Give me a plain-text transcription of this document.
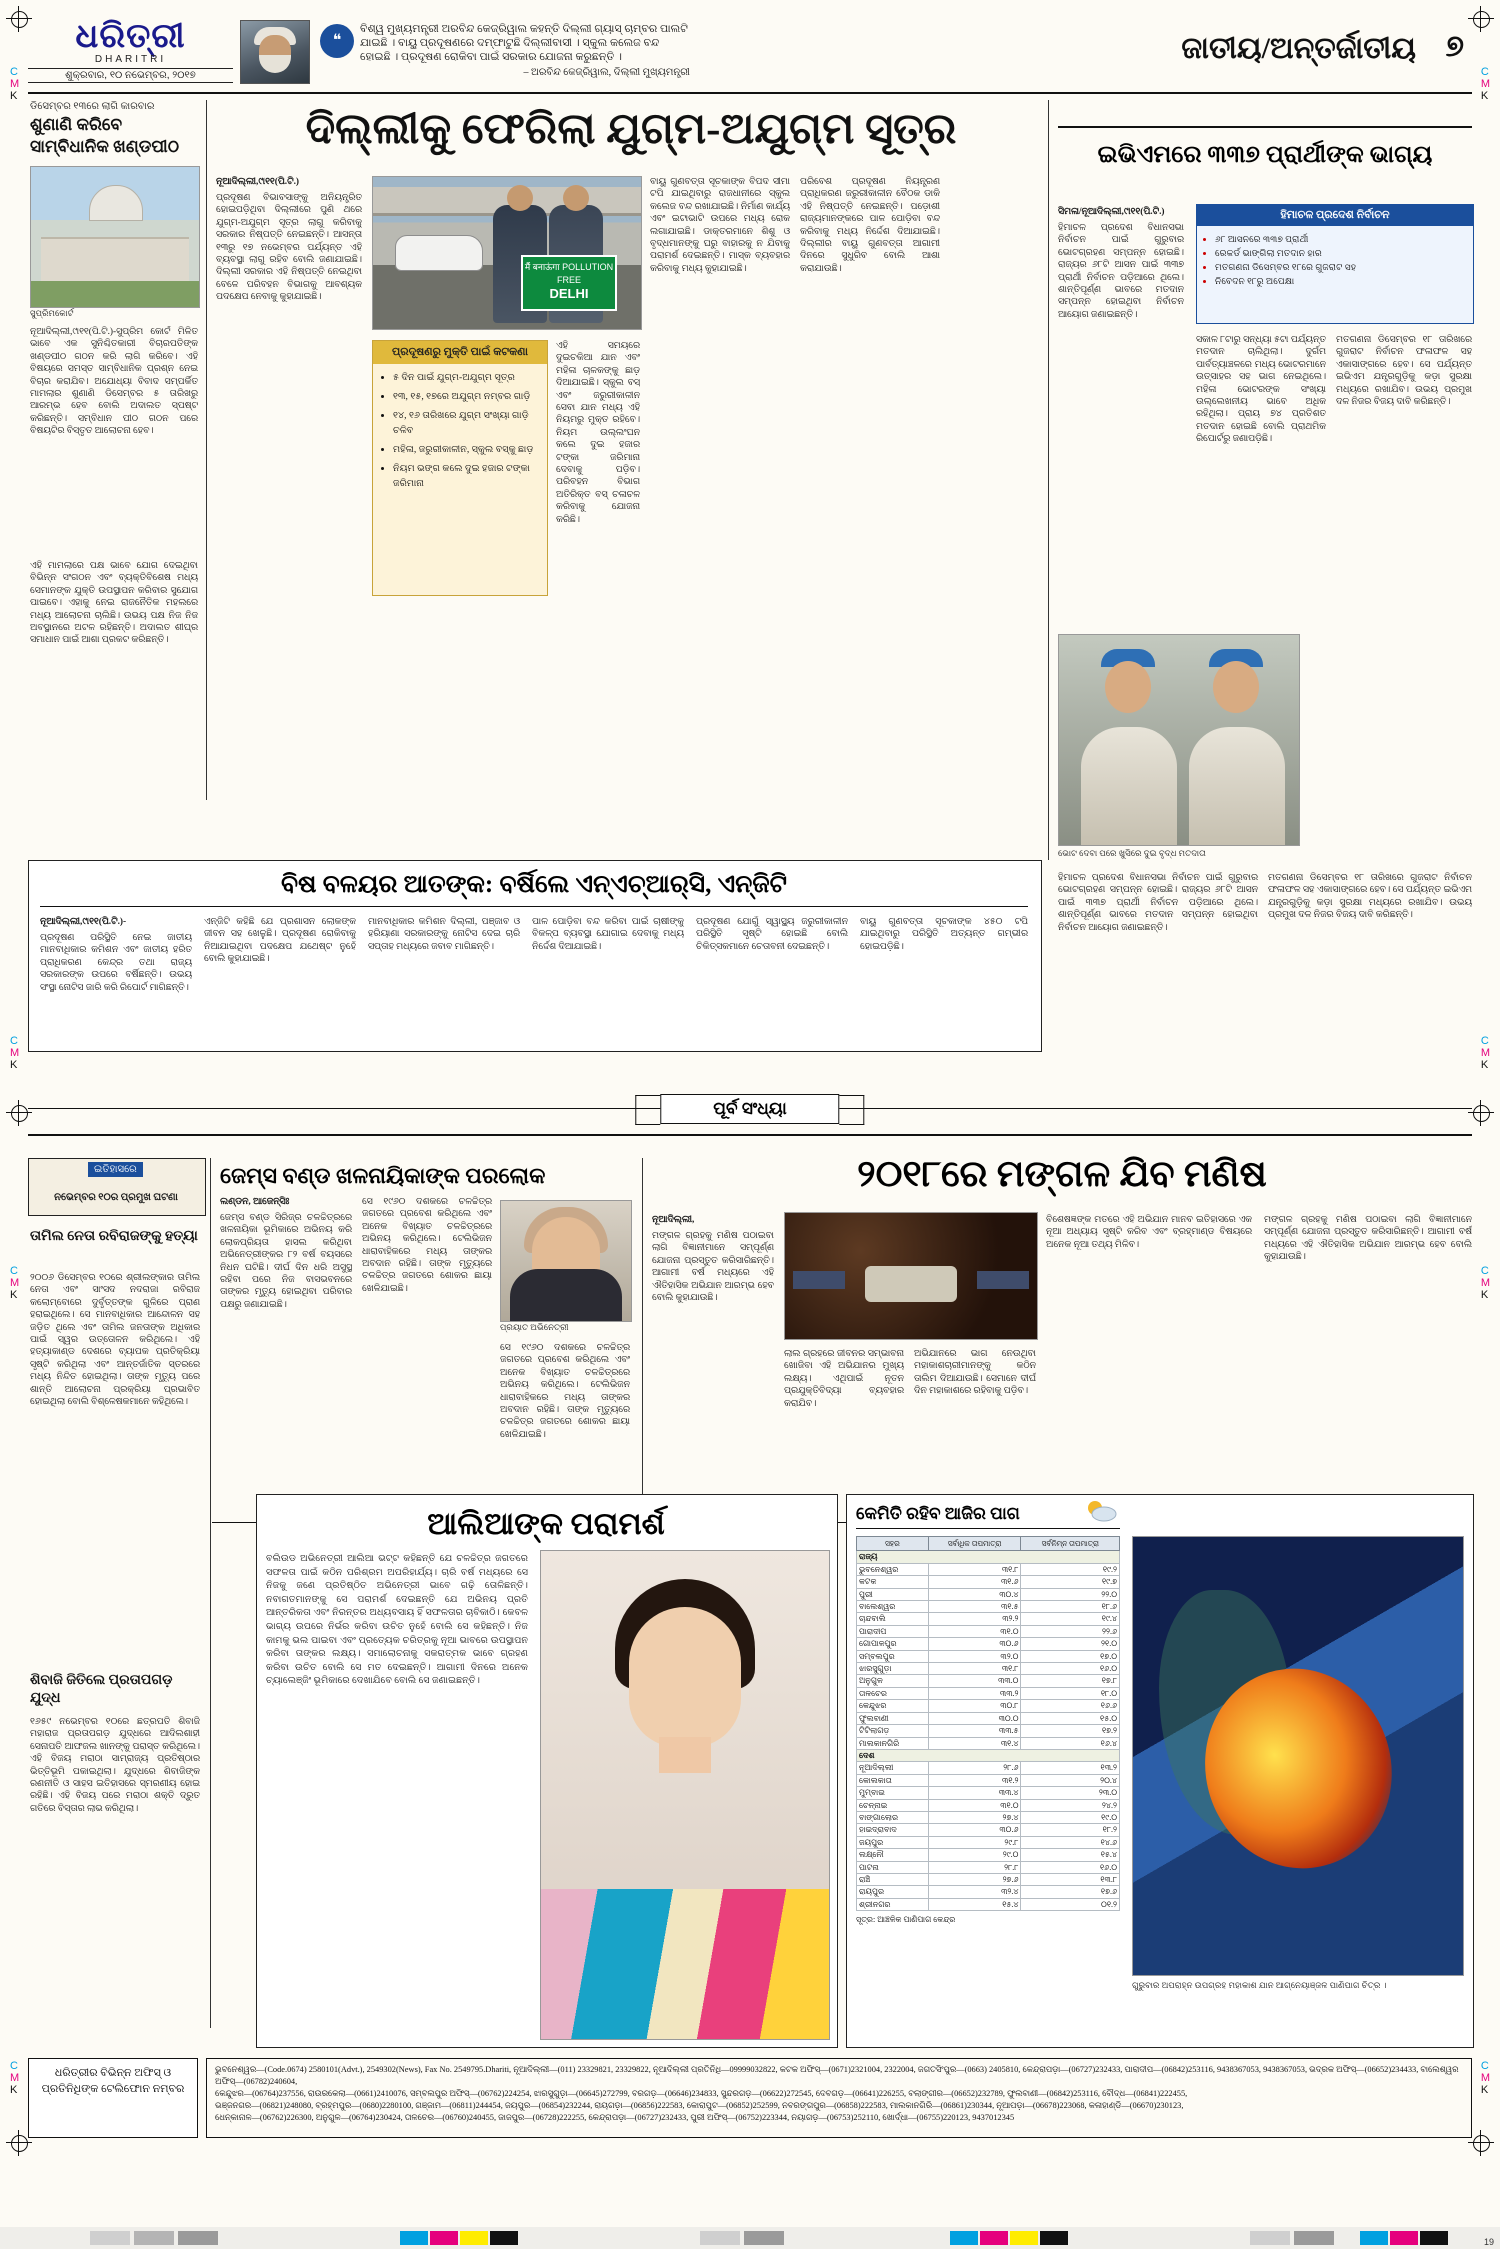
C
M
K
C
M
K
C
M
K
C
M
K
C
M
K
C
M
K
C
M
K
C
M
K
ଧରିତ୍ରୀ
DHARITRI
ଶୁକ୍ରବାର, ୧୦ ନଭେମ୍ବର, ୨୦୧୭
❝
ବିଶ୍ୱ ମୁଖ୍ୟମନ୍ତ୍ରୀ ଅରବିନ୍ଦ କେଜ୍ରିୱାଲ କହନ୍ତି ଦିଲ୍ଲୀ ଗ୍ୟାସ୍ ଚାମ୍ବର ପାଲଟି ଯାଇଛି । ବାୟୁ ପ୍ରଦୂଷଣରେ ଦମ୍ଫାଟୁଛି ଦିଲ୍ଲୀବାସୀ । ସ୍କୁଲ କଲେଜ ବନ୍ଦ ହୋଇଛି । ପ୍ରଦୂଷଣ ରୋକିବା ପାଇଁ ସରକାର ଯୋଜନା କରୁଛନ୍ତି ।
– ଅରବିନ୍ଦ କେଜ୍ରିୱାଲ, ଦିଲ୍ଲୀ ମୁଖ୍ୟମନ୍ତ୍ରୀ
ଜାତୀୟ/ଅନ୍ତର୍ଜାତୀୟ ୭
ଡିସେମ୍ବର ୧୩ରେ ଲାଗି କାରବାର
ଶୁଣାଣି କରିବେ ସାମ୍ବିଧାନିକ ଖଣ୍ଡପୀଠ
ସୁପ୍ରିମକୋର୍ଟ
ନୂଆଦିଲ୍ଲୀ,୯ା୧୧(ପି.ଟି.)-ସୁପ୍ରିମ କୋର୍ଟ ମିଳିତ ଭାବେ ଏକ ସୁନିଶ୍ଚିତକାରୀ ବିଚାରପତିଙ୍କ ଖଣ୍ଡପୀଠ ଗଠନ କରି ଲାଗି କରିବେ। ଏହି ବିଷୟରେ ସମସ୍ତ ସାମ୍ବିଧାନିକ ପ୍ରଶ୍ନ ନେଇ ବିଚାର କରାଯିବ। ଅଯୋଧ୍ୟା ବିବାଦ ସମ୍ପର୍କିତ ମାମଲାର ଶୁଣାଣି ଡିସେମ୍ବର ୫ ତାରିଖରୁ ଆରମ୍ଭ ହେବ ବୋଲି ଅଦାଲତ ସ୍ପଷ୍ଟ କରିଛନ୍ତି। ସମ୍ବିଧାନ ପୀଠ ଗଠନ ପରେ ବିଷୟଟିର ବିସ୍ତୃତ ଆଲୋଚନା ହେବ।
ଏହି ମାମଲାରେ ପକ୍ଷ ଭାବେ ଯୋଗ ଦେଇଥିବା ବିଭିନ୍ନ ସଂଗଠନ ଏବଂ ବ୍ୟକ୍ତିବିଶେଷ ମଧ୍ୟ ସେମାନଙ୍କ ଯୁକ୍ତି ଉପସ୍ଥାପନ କରିବାର ସୁଯୋଗ ପାଇବେ। ଏହାକୁ ନେଇ ରାଜନୈତିକ ମହଲରେ ମଧ୍ୟ ଆଲୋଚନା ଚାଲିଛି। ଉଭୟ ପକ୍ଷ ନିଜ ନିଜ ଅବସ୍ଥାନରେ ଅଟଳ ରହିଛନ୍ତି। ଅଦାଲତ ଶୀଘ୍ର ସମାଧାନ ପାଇଁ ଆଶା ପ୍ରକଟ କରିଛନ୍ତି।
ଦିଲ୍ଲୀକୁ ଫେରିଲା ଯୁଗ୍ମ-ଅଯୁଗ୍ମ ସୂତ୍ର
ନୂଆଦିଲ୍ଲୀ,୯ା୧୧(ପି.ଟି.)
ପ୍ରଦୂଷଣ ବିଭାବସାଙ୍କୁ ଅନିୟନ୍ତ୍ରିତ ହୋଇପଡ଼ିଥିବା ଦିଲ୍ଲୀରେ ପୁଣି ଥରେ ଯୁଗ୍ମ-ଅଯୁଗ୍ମ ସୂତ୍ର ଲାଗୁ କରିବାକୁ ସରକାର ନିଷ୍ପତ୍ତି ନେଇଛନ୍ତି। ଆସନ୍ତା ୧୩ରୁ ୧୭ ନଭେମ୍ବର ପର୍ଯ୍ୟନ୍ତ ଏହି ବ୍ୟବସ୍ଥା ଲାଗୁ ରହିବ ବୋଲି ଜଣାଯାଇଛି। ଦିଲ୍ଲୀ ସରକାର ଏହି ନିଷ୍ପତ୍ତି ନେଇଥିବା ବେଳେ ପରିବହନ ବିଭାଗକୁ ଆବଶ୍ୟକ ପଦକ୍ଷେପ ନେବାକୁ କୁହାଯାଇଛି।
मैं बनाऊंगा POLLUTION FREE
DELHI
ପ୍ରଦୂଷଣରୁ ମୁକ୍ତି ପାଇଁ କଟକଣା
• ୫ ଦିନ ପାଇଁ ଯୁଗ୍ମ-ଅଯୁଗ୍ମ ସୂତ୍ର
• ୧୩, ୧୫, ୧୭ରେ ଅଯୁଗ୍ମ ନମ୍ବର ଗାଡ଼ି
• ୧୪, ୧୬ ତାରିଖରେ ଯୁଗ୍ମ ସଂଖ୍ୟା ଗାଡ଼ି ଚଳିବ
• ମହିଳା, ଜରୁରୀକାଳୀନ, ସ୍କୁଲ ବସ୍‌କୁ ଛାଡ଼
• ନିୟମ ଭଙ୍ଗ କଲେ ଦୁଇ ହଜାର ଟଙ୍କା ଜରିମାନା
ଏହି ସମୟରେ ଦୁଇଚକିଆ ଯାନ ଏବଂ ମହିଳା ଚାଳକଙ୍କୁ ଛାଡ଼ ଦିଆଯାଇଛି। ସ୍କୁଲ ବସ୍ ଏବଂ ଜରୁରୀକାଳୀନ ସେବା ଯାନ ମଧ୍ୟ ଏହି ନିୟମରୁ ମୁକ୍ତ ରହିବେ। ନିୟମ ଉଲ୍ଲଂଘନ କଲେ ଦୁଇ ହଜାର ଟଙ୍କା ଜରିମାନା ଦେବାକୁ ପଡ଼ିବ। ପରିବହନ ବିଭାଗ ଅତିରିକ୍ତ ବସ୍ ଚଳାଚଳ କରିବାକୁ ଯୋଜନା କରିଛି।
ବାୟୁ ଗୁଣବତ୍ତା ସୂଚକାଙ୍କ ବିପଦ ସୀମା ଟପି ଯାଇଥିବାରୁ ରାଜଧାନୀରେ ସ୍କୁଲ କଲେଜ ବନ୍ଦ ରଖାଯାଇଛି। ନିର୍ମାଣ କାର୍ଯ୍ୟ ଏବଂ ଇଟାଭାଟି ଉପରେ ମଧ୍ୟ ରୋକ ଲଗାଯାଇଛି। ଡାକ୍ତରମାନେ ଶିଶୁ ଓ ବୃଦ୍ଧମାନଙ୍କୁ ଘରୁ ବାହାରକୁ ନ ଯିବାକୁ ପରାମର୍ଶ ଦେଇଛନ୍ତି। ମାସ୍କ ବ୍ୟବହାର କରିବାକୁ ମଧ୍ୟ କୁହାଯାଇଛି।
ପରିବେଶ ପ୍ରଦୂଷଣ ନିୟନ୍ତ୍ରଣ ପ୍ରାଧିକରଣ ଜରୁରୀକାଳୀନ ବୈଠକ ଡାକି ଏହି ନିଷ୍ପତ୍ତି ନେଇଛନ୍ତି। ପଡ଼ୋଶୀ ରାଜ୍ୟମାନଙ୍କରେ ପାଳ ପୋଡ଼ିବା ବନ୍ଦ କରିବାକୁ ମଧ୍ୟ ନିର୍ଦ୍ଦେଶ ଦିଆଯାଇଛି। ଦିଲ୍ଲୀର ବାୟୁ ଗୁଣବତ୍ତା ଆଗାମୀ ଦିନରେ ସୁଧୁରିବ ବୋଲି ଆଶା କରାଯାଉଛି।
ଇଭିଏମରେ ୩୩୭ ପ୍ରାର୍ଥୀଙ୍କ ଭାଗ୍ୟ
ସିମଳା/ନୂଆଦିଲ୍ଲୀ,୯ା୧୧(ପି.ଟି.)
ହିମାଚଳ ପ୍ରଦେଶ ବିଧାନସଭା ନିର୍ବାଚନ ପାଇଁ ଗୁରୁବାର ଭୋଟଗ୍ରହଣ ସମ୍ପନ୍ନ ହୋଇଛି। ରାଜ୍ୟର ୬୮ଟି ଆସନ ପାଇଁ ୩୩୭ ପ୍ରାର୍ଥୀ ନିର୍ବାଚନ ପଡ଼ିଆରେ ଥିଲେ। ଶାନ୍ତିପୂର୍ଣ୍ଣ ଭାବରେ ମତଦାନ ସମ୍ପନ୍ନ ହୋଇଥିବା ନିର୍ବାଚନ ଆୟୋଗ ଜଣାଇଛନ୍ତି।
ହିମାଚଳ ପ୍ରଦେଶ ନିର୍ବାଚନ
• ୬୮ ଆସନରେ ୩୩୭ ପ୍ରାର୍ଥୀ
• ରେକର୍ଡ ଭାଙ୍ଗିଲା ମତଦାନ ହାର
• ମତଗଣନା ଡିସେମ୍ବର ୧୮ରେ ଗୁଜରାଟ ସହ
• ନିବେଦନ ୧୮ରୁ ଅପେକ୍ଷା
ସକାଳ ୮ଟାରୁ ସନ୍ଧ୍ୟା ୫ଟା ପର୍ଯ୍ୟନ୍ତ ମତଦାନ ଚାଲିଥିଲା। ଦୁର୍ଗମ ପାର୍ବତ୍ୟାଞ୍ଚଳରେ ମଧ୍ୟ ଭୋଟରମାନେ ଉତ୍ସାହର ସହ ଭାଗ ନେଇଥିଲେ। ମହିଳା ଭୋଟରଙ୍କ ସଂଖ୍ୟା ଉଲ୍ଲେଖନୀୟ ଭାବେ ଅଧିକ ରହିଥିଲା। ପ୍ରାୟ ୭୪ ପ୍ରତିଶତ ମତଦାନ ହୋଇଛି ବୋଲି ପ୍ରାଥମିକ ରିପୋର୍ଟରୁ ଜଣାପଡ଼ିଛି।
ମତଗଣନା ଡିସେମ୍ବର ୧୮ ତାରିଖରେ ଗୁଜରାଟ ନିର୍ବାଚନ ଫଳାଫଳ ସହ ଏକାସାଙ୍ଗରେ ହେବ। ସେ ପର୍ଯ୍ୟନ୍ତ ଇଭିଏମ ଯନ୍ତ୍ରଗୁଡ଼ିକୁ କଡ଼ା ସୁରକ୍ଷା ମଧ୍ୟରେ ରଖାଯିବ। ଉଭୟ ପ୍ରମୁଖ ଦଳ ନିଜର ବିଜୟ ଦାବି କରିଛନ୍ତି।
ଭୋଟ ଦେବା ପରେ ଖୁସିରେ ଦୁଇ ବୃଦ୍ଧ ମତଦାତା
ହିମାଚଳ ପ୍ରଦେଶ ବିଧାନସଭା ନିର୍ବାଚନ ପାଇଁ ଗୁରୁବାର ଭୋଟଗ୍ରହଣ ସମ୍ପନ୍ନ ହୋଇଛି। ରାଜ୍ୟର ୬୮ଟି ଆସନ ପାଇଁ ୩୩୭ ପ୍ରାର୍ଥୀ ନିର୍ବାଚନ ପଡ଼ିଆରେ ଥିଲେ। ଶାନ୍ତିପୂର୍ଣ୍ଣ ଭାବରେ ମତଦାନ ସମ୍ପନ୍ନ ହୋଇଥିବା ନିର୍ବାଚନ ଆୟୋଗ ଜଣାଇଛନ୍ତି।
ମତଗଣନା ଡିସେମ୍ବର ୧୮ ତାରିଖରେ ଗୁଜରାଟ ନିର୍ବାଚନ ଫଳାଫଳ ସହ ଏକାସାଙ୍ଗରେ ହେବ। ସେ ପର୍ଯ୍ୟନ୍ତ ଇଭିଏମ ଯନ୍ତ୍ରଗୁଡ଼ିକୁ କଡ଼ା ସୁରକ୍ଷା ମଧ୍ୟରେ ରଖାଯିବ। ଉଭୟ ପ୍ରମୁଖ ଦଳ ନିଜର ବିଜୟ ଦାବି କରିଛନ୍ତି।
ବିଷ ବଳୟର ଆତଙ୍କ: ବର୍ଷିଲେ ଏନ୍‌ଏଚ୍‌ଆର୍‌ସି, ଏନ୍‌ଜିଟି
ନୂଆଦିଲ୍ଲୀ,୯ା୧୧(ପି.ଟି.)-
ପ୍ରଦୂଷଣ ପରିସ୍ଥିତି ନେଇ ଜାତୀୟ ମାନବାଧିକାର କମିଶନ ଏବଂ ଜାତୀୟ ହରିତ ପ୍ରାଧିକରଣ କେନ୍ଦ୍ର ତଥା ରାଜ୍ୟ ସରକାରଙ୍କ ଉପରେ ବର୍ଷିଛନ୍ତି। ଉଭୟ ସଂସ୍ଥା ନୋଟିସ ଜାରି କରି ରିପୋର୍ଟ ମାଗିଛନ୍ତି।
ଏନ୍‌ଜିଟି କହିଛି ଯେ ପ୍ରଶାସନ ଲୋକଙ୍କ ଜୀବନ ସହ ଖେଳୁଛି। ପ୍ରଦୂଷଣ ରୋକିବାକୁ ନିଆଯାଇଥିବା ପଦକ୍ଷେପ ଯଥେଷ୍ଟ ନୁହେଁ ବୋଲି କୁହାଯାଇଛି।
ମାନବାଧିକାର କମିଶନ ଦିଲ୍ଲୀ, ପଞ୍ଜାବ ଓ ହରିୟାଣା ସରକାରଙ୍କୁ ନୋଟିସ ଦେଇ ଚାରି ସପ୍ତାହ ମଧ୍ୟରେ ଜବାବ ମାଗିଛନ୍ତି।
ପାଳ ପୋଡ଼ିବା ବନ୍ଦ କରିବା ପାଇଁ ଚାଷୀଙ୍କୁ ବିକଳ୍ପ ବ୍ୟବସ୍ଥା ଯୋଗାଇ ଦେବାକୁ ମଧ୍ୟ ନିର୍ଦ୍ଦେଶ ଦିଆଯାଇଛି।
ପ୍ରଦୂଷଣ ଯୋଗୁଁ ସ୍ୱାସ୍ଥ୍ୟ ଜରୁରୀକାଳୀନ ପରିସ୍ଥିତି ସୃଷ୍ଟି ହୋଇଛି ବୋଲି ଚିକିତ୍ସକମାନେ ଚେତାବନୀ ଦେଇଛନ୍ତି।
ବାୟୁ ଗୁଣବତ୍ତା ସୂଚକାଙ୍କ ୪୫୦ ଟପି ଯାଇଥିବାରୁ ପରିସ୍ଥିତି ଅତ୍ୟନ୍ତ ଗମ୍ଭୀର ହୋଇପଡ଼ିଛି।
ପୂର୍ବ ସଂଧ୍ୟା
ଇତିହାସରେ
ନଭେମ୍ବର ୧୦ର ପ୍ରମୁଖ ଘଟଣା
ତାମିଲ ନେତା ରବିରାଜଙ୍କୁ ହତ୍ୟା
୨୦୦୬ ଡିସେମ୍ବର ୧୦ରେ ଶ୍ରୀଲଙ୍କାର ତାମିଲ ନେତା ଏବଂ ସାଂସଦ ନଦରାଜା ରବିରାଜ କଲୋମ୍ବୋରେ ଦୁର୍ବୃତ୍ତଙ୍କ ଗୁଳିରେ ପ୍ରାଣ ହରାଇଥିଲେ। ସେ ମାନବାଧିକାର ଆନ୍ଦୋଳନ ସହ ଜଡ଼ିତ ଥିଲେ ଏବଂ ତାମିଲ ଜନତାଙ୍କ ଅଧିକାର ପାଇଁ ସ୍ୱର ଉତ୍ତୋଳନ କରିଥିଲେ। ଏହି ହତ୍ୟାକାଣ୍ଡ ଦେଶରେ ବ୍ୟାପକ ପ୍ରତିକ୍ରିୟା ସୃଷ୍ଟି କରିଥିଲା ଏବଂ ଆନ୍ତର୍ଜାତିକ ସ୍ତରରେ ମଧ୍ୟ ନିନ୍ଦିତ ହୋଇଥିଲା। ତାଙ୍କ ମୃତ୍ୟୁ ପରେ ଶାନ୍ତି ଆଲୋଚନା ପ୍ରକ୍ରିୟା ପ୍ରଭାବିତ ହୋଇଥିଲା ବୋଲି ବିଶ୍ଳେଷକମାନେ କହିଥିଲେ।
ଶିବାଜି ଜିତିଲେ ପ୍ରତାପଗଡ଼ ଯୁଦ୍ଧ
୧୬୫୯ ନଭେମ୍ବର ୧୦ରେ ଛତ୍ରପତି ଶିବାଜି ମହାରାଜ ପ୍ରତାପଗଡ଼ ଯୁଦ୍ଧରେ ଆଦିଲଶାହୀ ସେନାପତି ଆଫଜଲ ଖାନଙ୍କୁ ପରାସ୍ତ କରିଥିଲେ। ଏହି ବିଜୟ ମରାଠା ସାମ୍ରାଜ୍ୟ ପ୍ରତିଷ୍ଠାର ଭିତ୍ତିଭୂମି ପକାଇଥିଲା। ଯୁଦ୍ଧରେ ଶିବାଜିଙ୍କ ରଣନୀତି ଓ ସାହସ ଇତିହାସରେ ସ୍ମରଣୀୟ ହୋଇ ରହିଛି। ଏହି ବିଜୟ ପରେ ମରାଠା ଶକ୍ତି ଦ୍ରୁତ ଗତିରେ ବିସ୍ତାର ଲାଭ କରିଥିଲା।
ଜେମ୍ସ ବଣ୍ଡ ଖଳନାୟିକାଙ୍କ ପରଲୋକ
ଲଣ୍ଡନ, ଆଜେନ୍ସିଃ
ଜେମ୍ସ ବଣ୍ଡ ସିରିଜ୍‌ର ଚଳଚ୍ଚିତ୍ରରେ ଖଳନାୟିକା ଭୂମିକାରେ ଅଭିନୟ କରି ଲୋକପ୍ରିୟତା ହାସଲ କରିଥିବା ଅଭିନେତ୍ରୀଙ୍କର ୮୨ ବର୍ଷ ବୟସରେ ନିଧନ ଘଟିଛି। ଦୀର୍ଘ ଦିନ ଧରି ଅସୁସ୍ଥ ରହିବା ପରେ ନିଜ ବାସଭବନରେ ତାଙ୍କର ମୃତ୍ୟୁ ହୋଇଥିବା ପରିବାର ପକ୍ଷରୁ ଜଣାଯାଇଛି।
ସେ ୧୯୬୦ ଦଶକରେ ଚଳଚ୍ଚିତ୍ର ଜଗତରେ ପ୍ରବେଶ କରିଥିଲେ ଏବଂ ଅନେକ ବିଖ୍ୟାତ ଚଳଚ୍ଚିତ୍ରରେ ଅଭିନୟ କରିଥିଲେ। ଟେଲିଭିଜନ ଧାରାବାହିକରେ ମଧ୍ୟ ତାଙ୍କର ଅବଦାନ ରହିଛି। ତାଙ୍କ ମୃତ୍ୟୁରେ ଚଳଚ୍ଚିତ୍ର ଜଗତରେ ଶୋକର ଛାୟା ଖେଳିଯାଇଛି।
ପ୍ରୟାତ ଅଭିନେତ୍ରୀ
ସେ ୧୯୬୦ ଦଶକରେ ଚଳଚ୍ଚିତ୍ର ଜଗତରେ ପ୍ରବେଶ କରିଥିଲେ ଏବଂ ଅନେକ ବିଖ୍ୟାତ ଚଳଚ୍ଚିତ୍ରରେ ଅଭିନୟ କରିଥିଲେ। ଟେଲିଭିଜନ ଧାରାବାହିକରେ ମଧ୍ୟ ତାଙ୍କର ଅବଦାନ ରହିଛି। ତାଙ୍କ ମୃତ୍ୟୁରେ ଚଳଚ୍ଚିତ୍ର ଜଗତରେ ଶୋକର ଛାୟା ଖେଳିଯାଇଛି।
୨୦୧୮ରେ ମଙ୍ଗଳ ଯିବ ମଣିଷ
ନୂଆଦିଲ୍ଲୀ,
ମଙ୍ଗଳ ଗ୍ରହକୁ ମଣିଷ ପଠାଇବା ଲାଗି ବିଜ୍ଞାନୀମାନେ ସମ୍ପୂର୍ଣ୍ଣ ଯୋଜନା ପ୍ରସ୍ତୁତ କରିସାରିଛନ୍ତି। ଆଗାମୀ ବର୍ଷ ମଧ୍ୟରେ ଏହି ଐତିହାସିକ ଅଭିଯାନ ଆରମ୍ଭ ହେବ ବୋଲି କୁହାଯାଉଛି।
ଲାଲ ଗ୍ରହରେ ଜୀବନର ସମ୍ଭାବନା ଖୋଜିବା ଏହି ଅଭିଯାନର ମୁଖ୍ୟ ଲକ୍ଷ୍ୟ। ଏଥିପାଇଁ ନୂତନ ପ୍ରଯୁକ୍ତିବିଦ୍ୟା ବ୍ୟବହାର କରାଯିବ।
ଅଭିଯାନରେ ଭାଗ ନେଉଥିବା ମହାକାଶଚାରୀମାନଙ୍କୁ କଠିନ ତାଲିମ ଦିଆଯାଉଛି। ସେମାନେ ଦୀର୍ଘ ଦିନ ମହାକାଶରେ ରହିବାକୁ ପଡ଼ିବ।
ବିଶେଷଜ୍ଞଙ୍କ ମତରେ ଏହି ଅଭିଯାନ ମାନବ ଇତିହାସରେ ଏକ ନୂଆ ଅଧ୍ୟାୟ ସୃଷ୍ଟି କରିବ ଏବଂ ବ୍ରହ୍ମାଣ୍ଡ ବିଷୟରେ ଅନେକ ନୂଆ ତଥ୍ୟ ମିଳିବ।
ମଙ୍ଗଳ ଗ୍ରହକୁ ମଣିଷ ପଠାଇବା ଲାଗି ବିଜ୍ଞାନୀମାନେ ସମ୍ପୂର୍ଣ୍ଣ ଯୋଜନା ପ୍ରସ୍ତୁତ କରିସାରିଛନ୍ତି। ଆଗାମୀ ବର୍ଷ ମଧ୍ୟରେ ଏହି ଐତିହାସିକ ଅଭିଯାନ ଆରମ୍ଭ ହେବ ବୋଲି କୁହାଯାଉଛି।
ଆଲିଆଙ୍କ ପରାମର୍ଶ
ବଲିଉଡ ଅଭିନେତ୍ରୀ ଆଲିଆ ଭଟ୍ଟ କହିଛନ୍ତି ଯେ ଚଳଚ୍ଚିତ୍ର ଜଗତରେ ସଫଳତା ପାଇଁ କଠିନ ପରିଶ୍ରମ ଅପରିହାର୍ଯ୍ୟ। ଚାରି ବର୍ଷ ମଧ୍ୟରେ ସେ ନିଜକୁ ଜଣେ ପ୍ରତିଷ୍ଠିତ ଅଭିନେତ୍ରୀ ଭାବେ ଗଢ଼ି ତୋଳିଛନ୍ତି। ନବାଗତମାନଙ୍କୁ ସେ ପରାମର୍ଶ ଦେଇଛନ୍ତି ଯେ ଅଭିନୟ ପ୍ରତି ଆନ୍ତରିକତା ଏବଂ ନିରନ୍ତର ଅଧ୍ୟବସାୟ ହିଁ ସଫଳତାର ଚାବିକାଠି। କେବଳ ଭାଗ୍ୟ ଉପରେ ନିର୍ଭର କରିବା ଉଚିତ ନୁହେଁ ବୋଲି ସେ କହିଛନ୍ତି। ନିଜ କାମକୁ ଭଲ ପାଇବା ଏବଂ ପ୍ରତ୍ୟେକ ଚରିତ୍ରକୁ ନୂଆ ଭାବରେ ଉପସ୍ଥାପନ କରିବା ତାଙ୍କର ଲକ୍ଷ୍ୟ। ସମାଲୋଚନାକୁ ସକରାତ୍ମକ ଭାବେ ଗ୍ରହଣ କରିବା ଉଚିତ ବୋଲି ସେ ମତ ଦେଇଛନ୍ତି। ଆଗାମୀ ଦିନରେ ଅନେକ ଚ୍ୟାଲେଞ୍ଜିଂ ଭୂମିକାରେ ଦେଖାଯିବେ ବୋଲି ସେ ଜଣାଇଛନ୍ତି।
କେମିତି ରହିବ ଆଜିର ପାଗ
ସହର	ସର୍ବାଧିକ ତାପମାତ୍ରା	ସର୍ବନିମ୍ନ ତାପମାତ୍ରା
ରାଜ୍ୟ		
ଭୁବନେଶ୍ୱର	୩୧.୮	୧୯.୨
କଟକ	୩୧.୬	୧୯.୭
ପୁରୀ	୩୦.୪	୨୨.୦
ବାଲେଶ୍ୱର	୩୧.୫	୧୮.୬
ଚାନ୍ଦବାଲି	୩୨.୨	୧୯.୪
ପାରାଦୀପ	୩୧.୦	୨୨.୬
ଗୋପାଳପୁର	୩୦.୬	୨୧.୦
ସମ୍ବଲପୁର	୩୨.୦	୧୭.୦
ଝାରସୁଗୁଡ଼ା	୩୧.୮	୧୬.୦
ଅନୁଗୁଳ	୩୩.୦	୧୭.୮
ତାଳଚେର	୩୩.୨	୧୮.୦
କେନ୍ଦୁଝର	୩୦.୮	୧୬.୬
ଫୁଲବାଣୀ	୩୦.୦	୧୫.୦
ଟିଟିଲାଗଡ଼	୩୩.୫	୧୭.୨
ମାଲକାନଗିରି	୩୧.୪	୧୬.୪
ଦେଶ		
ନୂଆଦିଲ୍ଲୀ	୨୮.୬	୧୩.୨
କୋଲକାତା	୩୧.୨	୨୦.୪
ମୁମ୍ବାଇ	୩୩.୪	୨୩.୦
ଚେନ୍ନାଇ	୩୧.୦	୨୪.୨
ବାଙ୍ଗାଲୋର	୨୭.୪	୧୯.୦
ହାଇଦ୍ରାବାଦ	୩୦.୬	୧୮.୨
ଜୟପୁର	୨୯.୮	୧୪.୬
ଲକ୍ଷ୍ନୌ	୨୯.୦	୧୫.୪
ପାଟନା	୨୮.୮	୧୬.୦
ରାଞ୍ଚି	୨୭.୬	୧୩.୮
ରାୟପୁର	୩୨.୪	୧୭.୬
ଶ୍ରୀନଗର	୧୫.୪	୦୧.୨
ସୂତ୍ର: ଆଞ୍ଚଳିକ ପାଣିପାଗ କେନ୍ଦ୍ର
ଗୁରୁବାର ଅପରାହ୍ନ ଉପଗ୍ରହ ମହାକାଶ ଯାନ ଆଗ୍ନେୟାଞ୍ଜଳ ପାଣିପାଗ ଚିତ୍ର ।
ଧରିତ୍ରୀର ବିଭିନ୍ନ ଅଫିସ୍ ଓ ପ୍ରତିନିଧିଙ୍କ ଟେଲିଫୋନ ନମ୍ବର
ଭୁବନେଶ୍ୱର—(Code.0674) 2580101(Advt.), 2549302(News), Fax No. 2549795.Dhariti, ନୂଆଦିଲ୍ଲୀ—(011) 23329821, 23329822, ନୂଆଦିଲ୍ଲୀ ପ୍ରତିନିଧି—09999032822, କଟକ ଅଫିସ୍—(0671)2321004, 2322004, ଜଗତସିଂପୁର—(0663) 2405810, କେନ୍ଦ୍ରାପଡ଼ା—(06727)232433, ପାରାଦୀପ—(06842)253116, 9438367053, 9438367053, ଭଦ୍ରକ ଅଫିସ୍—(06652)234433, ବାଲେଶ୍ୱର ଅଫିସ୍—(06782)240604,
କେନ୍ଦୁଝର—(06764)237556, ରାଉରକେଲା—(0661)2410076, ସମ୍ବଲପୁର ଅଫିସ୍—(06762)224254, ଝାରସୁଗୁଡ଼ା—(06645)272799, ବରଗଡ଼—(06646)234833, ସୁନ୍ଦରଗଡ଼—(06622)272545, ଦେବଗଡ଼—(06641)226255, ବଲାଙ୍ଗୀର—(06652)232789, ଫୁଲବାଣୀ—(06842)253116, ବୌଦ୍ଧ—(06841)222455,
ଭଞ୍ଜନଗର—(06821)248080, ବ୍ରହ୍ମପୁର—(0680)2280100, ଗଞ୍ଜାମ—(06811)244454, ଜୟପୁର—(06854)232244, ରାୟଗଡ଼ା—(06856)222583, କୋରାପୁଟ—(06852)252599, ନବରଙ୍ଗପୁର—(06858)222583, ମାଲକାନଗିରି—(06861)230344, ନୂଆପଡ଼ା—(06678)223068, କଳାହାଣ୍ଡି—(06670)230123,
ଧେନ୍କାନାଳ—(06762)226300, ଅନୁଗୁଳ—(06764)230424, ତାଳଚେର—(06760)240455, ଜାଜପୁର—(06728)222255, କେନ୍ଦ୍ରାପଡ଼ା—(06727)232433, ପୁରୀ ଅଫିସ୍—(06752)223344, ନୟାଗଡ଼—(06753)252110, ଖୋର୍ଦ୍ଧା—(06755)220123, 9437012345
19
